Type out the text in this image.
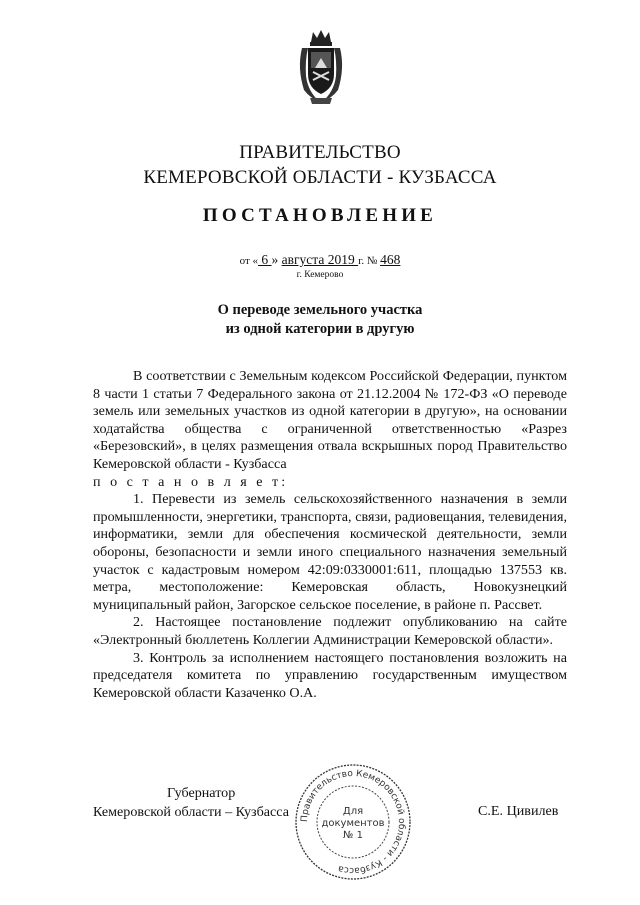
ПРАВИТЕЛЬСТВО
КЕМЕРОВСКОЙ ОБЛАСТИ - КУЗБАССА
ПОСТАНОВЛЕНИЕ
от « 6 » августа 2019 г. № 468
г. Кемерово
О переводе земельного участка
из одной категории в другую

В соответствии с Земельным кодексом Российской Федерации, пунктом 8 части 1 статьи 7 Федерального закона от 21.12.2004 № 172-ФЗ «О переводе земель или земельных участков из одной категории в другую», на основании ходатайства общества с ограниченной ответственностью «Разрез «Березовский», в целях размещения отвала вскрышных пород Правительство Кемеровской области - Кузбасса

п о с т а н о в л я е т:

1. Перевести из земель сельскохозяйственного назначения в земли промышленности, энергетики, транспорта, связи, радиовещания, телевидения, информатики, земли для обеспечения космической деятельности, земли обороны, безопасности и земли иного специального назначения земельный участок с кадастровым номером 42:09:0330001:611, площадью 137553 кв. метра, местоположение: Кемеровская область, Новокузнецкий муниципальный район, Загорское сельское поселение, в районе п. Рассвет.

2. Настоящее постановление подлежит опубликованию на сайте «Электронный бюллетень Коллегии Администрации Кемеровской области».

3. Контроль за исполнением настоящего постановления возложить на председателя комитета по управлению государственным имуществом Кемеровской области Казаченко О.А.

Губернатор
Кемеровской области – Кузбасса	С.Е. Цивилев
Правительство Кемеровской области - Кузбасса
Для
документов
№ 1
